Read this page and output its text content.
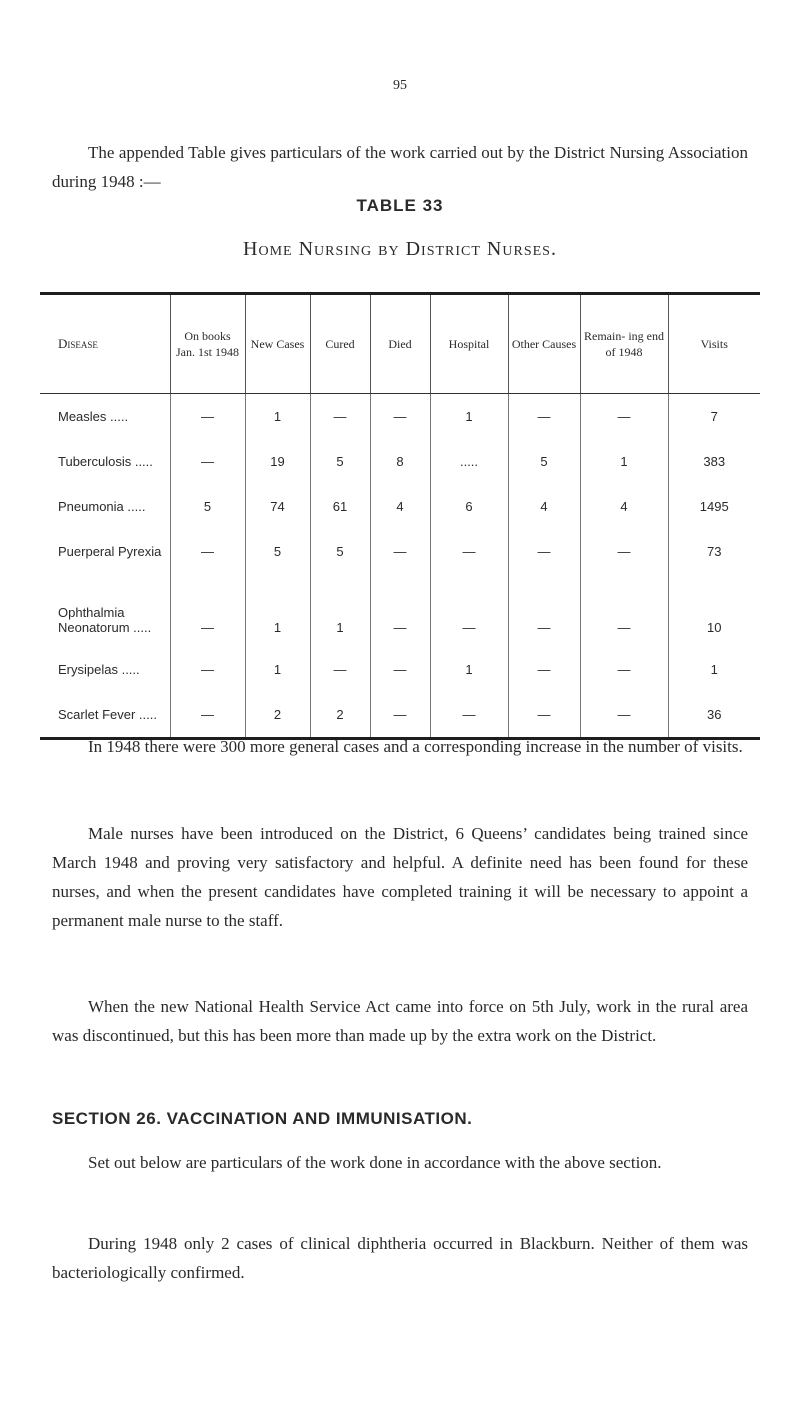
95
The appended Table gives particulars of the work carried out by the District Nursing Association during 1948 :—
TABLE 33
Home Nursing by District Nurses.
Disease	On books Jan. 1st 1948	New Cases	Cured	Died	Hospital	Other Causes	Remain- ing end of 1948	Visits
Measles .....	—	1	—	—	1	—	—	7
Tuberculosis .....	—	19	5	8	.....	5	1	383
Pneumonia .....	5	74	61	4	6	4	4	1495
Puerperal Pyrexia	—	5	5	—	—	—	—	73
Ophthalmia Neonatorum .....	—	1	1	—	—	—	—	10
Erysipelas .....	—	1	—	—	1	—	—	1
Scarlet Fever .....	—	2	2	—	—	—	—	36
In 1948 there were 300 more general cases and a corresponding increase in the number of visits.
Male nurses have been introduced on the District, 6 Queens’ candidates being trained since March 1948 and proving very satisfactory and helpful. A definite need has been found for these nurses, and when the present candidates have completed training it will be necessary to appoint a permanent male nurse to the staff.
When the new National Health Service Act came into force on 5th July, work in the rural area was discontinued, but this has been more than made up by the extra work on the District.
SECTION 26. VACCINATION AND IMMUNISATION.
Set out below are particulars of the work done in accordance with the above section.
During 1948 only 2 cases of clinical diphtheria occurred in Blackburn. Neither of them was bacteriologically confirmed.
